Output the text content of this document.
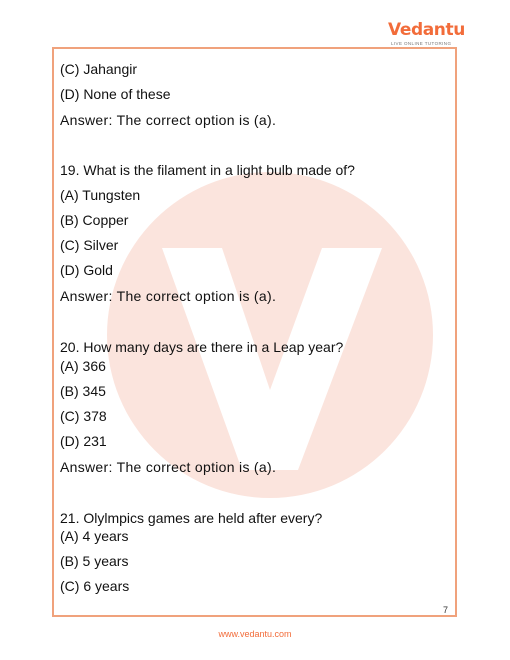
Vedantu
LIVE ONLINE TUTORING
(C) Jahangir
(D) None of these
Answer: The correct option is (a).
19. What is the filament in a light bulb made of?
(A) Tungsten
(B) Copper
(C) Silver
(D) Gold
Answer: The correct option is (a).
20. How many days are there in a Leap year?
(A) 366
(B) 345
(C) 378
(D) 231
Answer: The correct option is (a).
21. Olylmpics games are held after every?
(A) 4 years
(B) 5 years
(C) 6 years
7
www.vedantu.com
